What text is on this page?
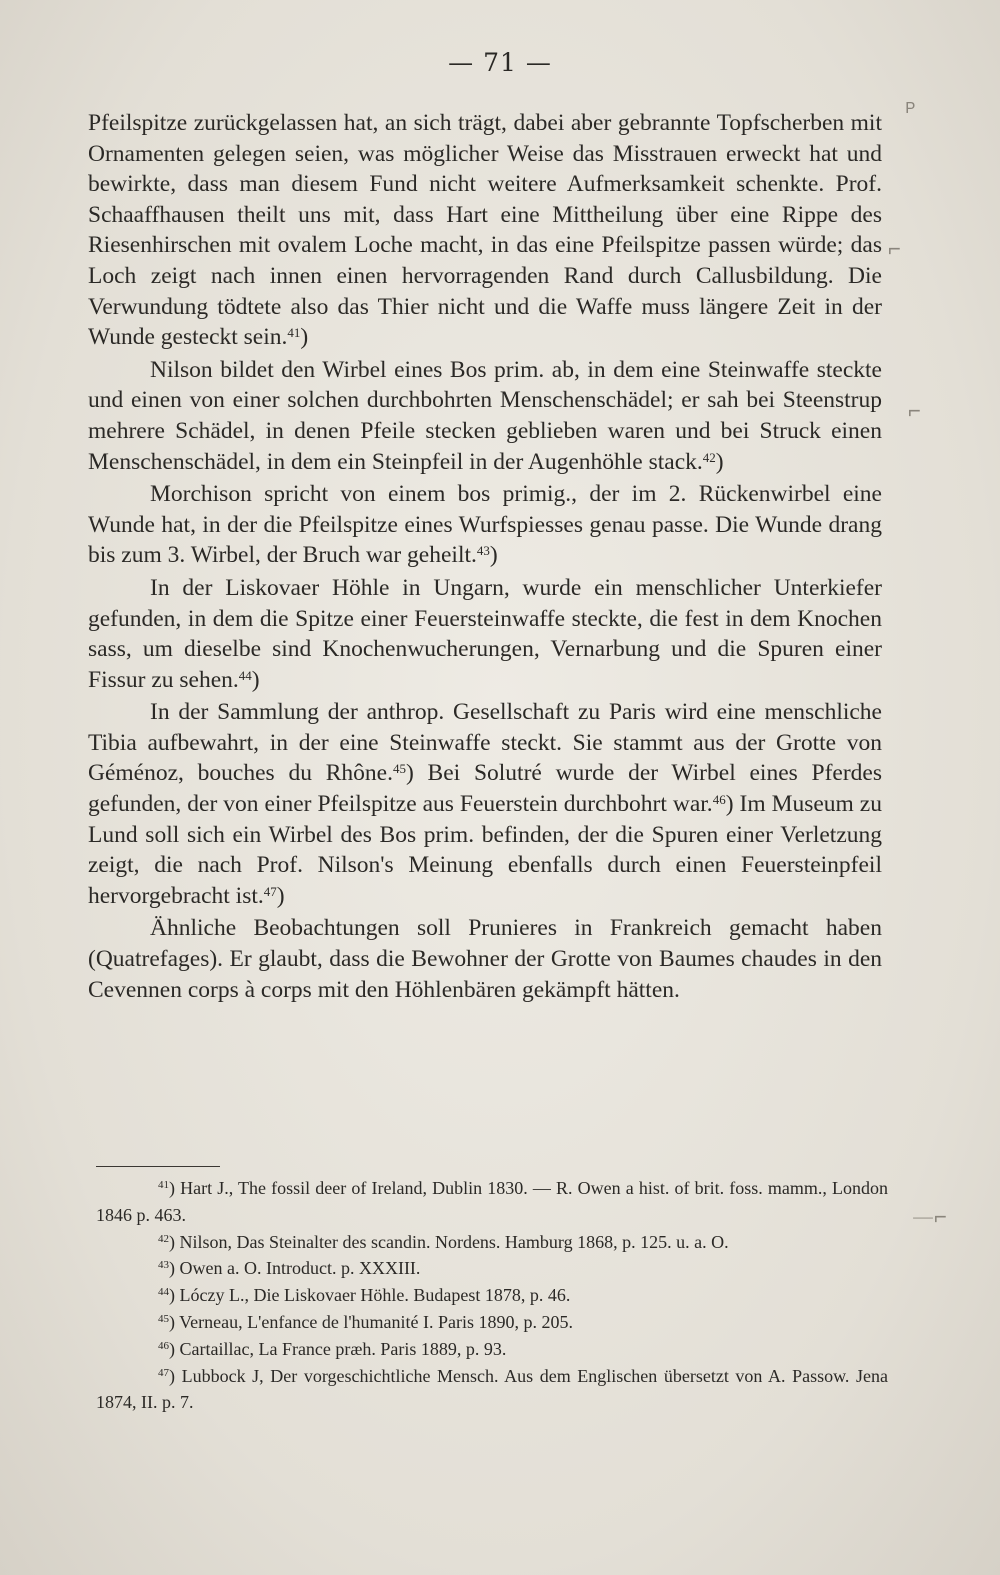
— 71 —
ᴾ
⌐
⌐
—⌐

Pfeilspitze zurückgelassen hat, an sich trägt, dabei aber gebrannte Topfscherben mit Ornamenten gelegen seien, was möglicher Weise das Misstrauen erweckt hat und bewirkte, dass man diesem Fund nicht weitere Aufmerksamkeit schenkte. Prof. Schaaffhausen theilt uns mit, dass Hart eine Mittheilung über eine Rippe des Riesenhirschen mit ovalem Loche macht, in das eine Pfeilspitze passen würde; das Loch zeigt nach innen einen hervorragenden Rand durch Callusbildung. Die Verwundung tödtete also das Thier nicht und die Waffe muss längere Zeit in der Wunde gesteckt sein.$^{41}$)

Nilson bildet den Wirbel eines Bos prim. ab, in dem eine Steinwaffe steckte und einen von einer solchen durchbohrten Menschenschädel; er sah bei Steenstrup mehrere Schädel, in denen Pfeile stecken geblieben waren und bei Struck einen Menschenschädel, in dem ein Steinpfeil in der Augenhöhle stack.$^{42}$)

Morchison spricht von einem bos primig., der im 2. Rückenwirbel eine Wunde hat, in der die Pfeilspitze eines Wurfspiesses genau passe. Die Wunde drang bis zum 3. Wirbel, der Bruch war geheilt.$^{43}$)

In der Liskovaer Höhle in Ungarn, wurde ein menschlicher Unterkiefer gefunden, in dem die Spitze einer Feuersteinwaffe steckte, die fest in dem Knochen sass, um dieselbe sind Knochenwucherungen, Vernarbung und die Spuren einer Fissur zu sehen.$^{44}$)

In der Sammlung der anthrop. Gesellschaft zu Paris wird eine menschliche Tibia aufbewahrt, in der eine Steinwaffe steckt. Sie stammt aus der Grotte von Géménoz, bouches du Rhône.$^{45}$) Bei Solutré wurde der Wirbel eines Pferdes gefunden, der von einer Pfeilspitze aus Feuerstein durchbohrt war.$^{46}$) Im Museum zu Lund soll sich ein Wirbel des Bos prim. befinden, der die Spuren einer Verletzung zeigt, die nach Prof. Nilson's Meinung ebenfalls durch einen Feuersteinpfeil hervorgebracht ist.$^{47}$)

Ähnliche Beobachtungen soll Prunieres in Frankreich gemacht haben (Quatrefages). Er glaubt, dass die Bewohner der Grotte von Baumes chaudes in den Cevennen corps à corps mit den Höhlenbären gekämpft hätten.

$^{41}$) Hart J., The fossil deer of Ireland, Dublin 1830. — R. Owen a hist. of brit. foss. mamm., London 1846 p. 463.

$^{42}$) Nilson, Das Steinalter des scandin. Nordens. Hamburg 1868, p. 125. u. a. O.

$^{43}$) Owen a. O. Introduct. p. XXXIII.

$^{44}$) Lóczy L., Die Liskovaer Höhle. Budapest 1878, p. 46.

$^{45}$) Verneau, L'enfance de l'humanité I. Paris 1890, p. 205.

$^{46}$) Cartaillac, La France præh. Paris 1889, p. 93.

$^{47}$) Lubbock J, Der vorgeschichtliche Mensch. Aus dem Englischen übersetzt von A. Passow. Jena 1874, II. p. 7.
